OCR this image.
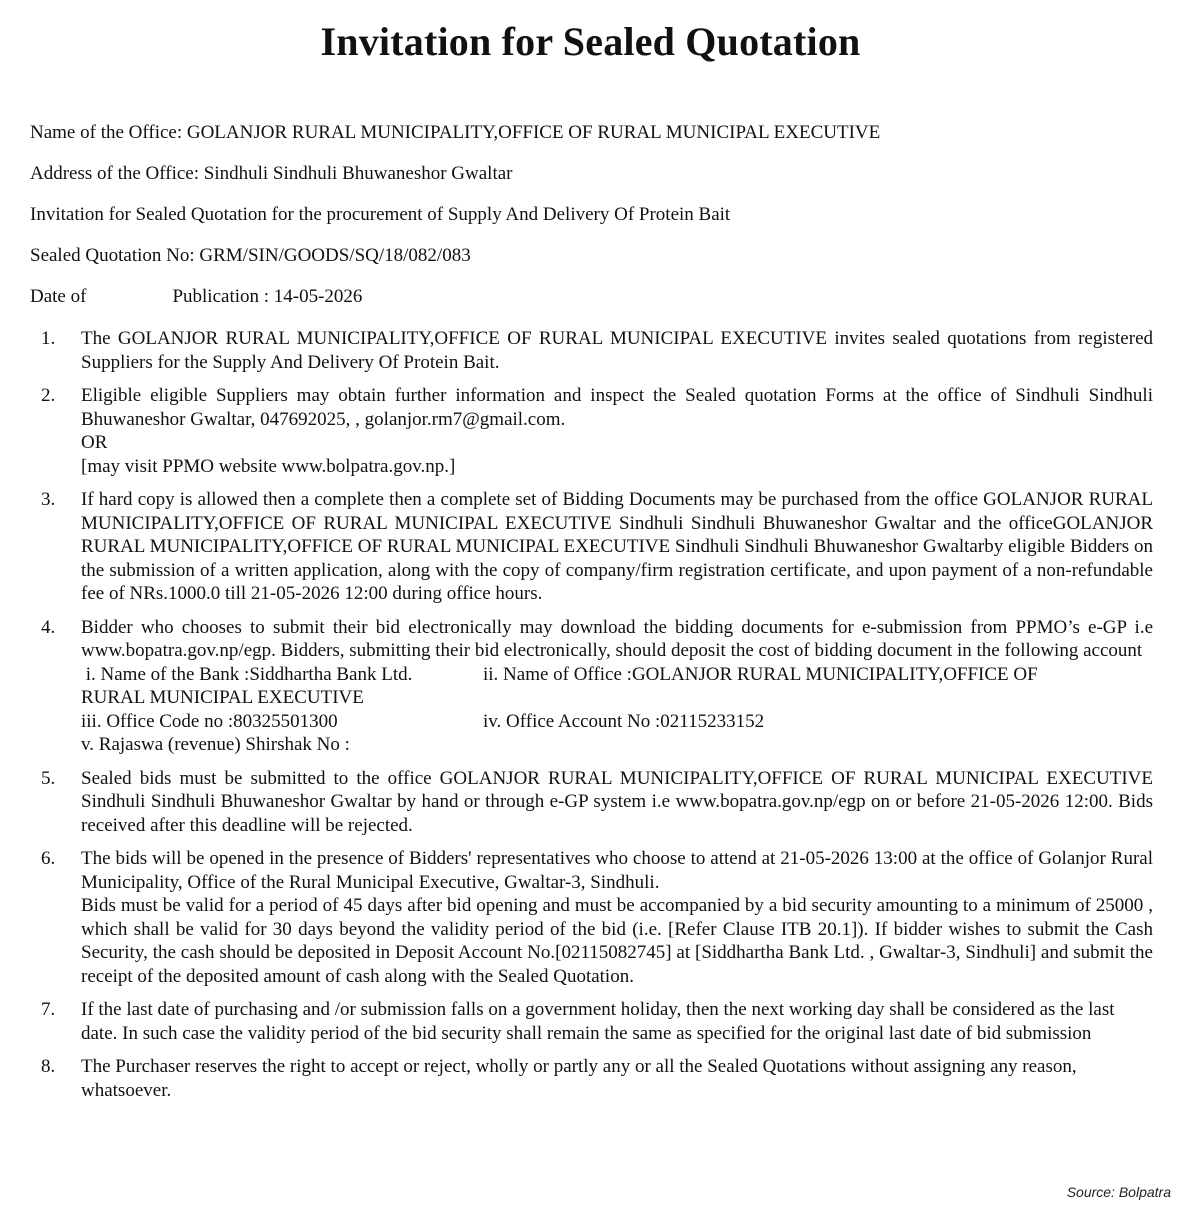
​
Invitation for Sealed Quotation
Name of the Office: GOLANJOR RURAL MUNICIPALITY,OFFICE OF RURAL MUNICIPAL EXECUTIVE
Address of the Office: Sindhuli Sindhuli Bhuwaneshor Gwaltar
Invitation for Sealed Quotation for the procurement of Supply And Delivery Of Protein Bait
Sealed Quotation No: GRM/SIN/GOODS/SQ/18/082/083
Date of	Publication : 14-05-2026
1. The GOLANJOR RURAL MUNICIPALITY,OFFICE OF RURAL MUNICIPAL EXECUTIVE invites sealed quotations from registered Suppliers for the Supply And Delivery Of Protein Bait.

2. Eligible eligible Suppliers may obtain further information and inspect the Sealed quotation Forms at the office of Sindhuli Sindhuli Bhuwaneshor Gwaltar, 047692025, , golanjor.rm7@gmail.com.

OR

[may visit PPMO website www.bolpatra.gov.np.]

3. If hard copy is allowed then a complete then a complete set of Bidding Documents may be purchased from the office GOLANJOR RURAL MUNICIPALITY,OFFICE OF RURAL MUNICIPAL EXECUTIVE Sindhuli Sindhuli Bhuwaneshor Gwaltar and the officeGOLANJOR RURAL MUNICIPALITY,OFFICE OF RURAL MUNICIPAL EXECUTIVE Sindhuli Sindhuli Bhuwaneshor Gwaltarby eligible Bidders on the submission of a written application, along with the copy of company/firm registration certificate, and upon payment of a non-refundable fee of NRs.1000.0 till 21-05-2026 12:00 during office hours.

4. Bidder who chooses to submit their bid electronically may download the bidding documents for e-submission from PPMO’s e-GP i.e www.bopatra.gov.np/egp. Bidders, submitting their bid electronically, should deposit the cost of bidding document in the following account

i. Name of the Bank :Siddhartha Bank Ltd.	ii. Name of Office :GOLANJOR RURAL MUNICIPALITY,OFFICE OF

RURAL MUNICIPAL EXECUTIVE

iii. Office Code no :80325501300	iv. Office Account No :02115233152

v. Rajaswa (revenue) Shirshak No :

5. Sealed bids must be submitted to the office GOLANJOR RURAL MUNICIPALITY,OFFICE OF RURAL MUNICIPAL EXECUTIVE Sindhuli Sindhuli Bhuwaneshor Gwaltar by hand or through e-GP system i.e www.bopatra.gov.np/egp on or before 21-05-2026 12:00. Bids received after this deadline will be rejected.

6. The bids will be opened in the presence of Bidders' representatives who choose to attend at 21-05-2026 13:00 at the office of Golanjor Rural Municipality, Office of the Rural Municipal Executive, Gwaltar-3, Sindhuli.

Bids must be valid for a period of 45 days after bid opening and must be accompanied by a bid security amounting to a minimum of 25000 , which shall be valid for 30 days beyond the validity period of the bid (i.e. [Refer Clause ITB 20.1]). If bidder wishes to submit the Cash Security, the cash should be deposited in Deposit Account No.[02115082745] at [Siddhartha Bank Ltd. , Gwaltar-3, Sindhuli] and submit the receipt of the deposited amount of cash along with the Sealed Quotation.

7. If the last date of purchasing and /or submission falls on a government holiday, then the next working day shall be considered as the last date. In such case the validity period of the bid security shall remain the same as specified for the original last date of bid submission

8. The Purchaser reserves the right to accept or reject, wholly or partly any or all the Sealed Quotations without assigning any reason, whatsoever.

Source: Bolpatra
